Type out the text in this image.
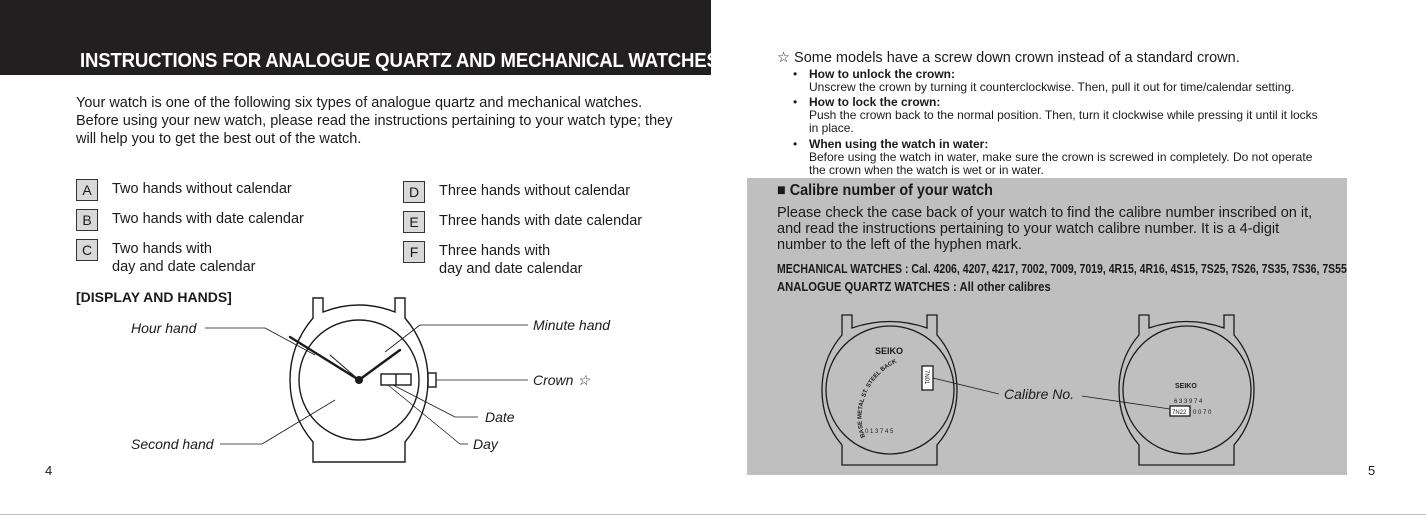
INSTRUCTIONS FOR ANALOGUE QUARTZ AND MECHANICAL WATCHES
Your watch is one of the following six types of analogue quartz and mechanical watches.
Before using your new watch, please read the instructions pertaining to your watch type; they
will help you to get the best out of the watch.
A	Two hands without calendar
B	Two hands with date calendar
C	Two hands with
day and date calendar
D	Three hands without calendar
E	Three hands with date calendar
F	Three hands with
day and date calendar
[DISPLAY AND HANDS]
Hour hand	Minute hand
Crown ☆
Date
Day
Second hand
4
☆ Some models have a screw down crown instead of a standard crown.
• How to unlock the crown:
Unscrew the crown by turning it counterclockwise. Then, pull it out for time/calendar setting.
• How to lock the crown:
Push the crown back to the normal position. Then, turn it clockwise while pressing it until it locks in place.
• When using the watch in water:
Before using the watch in water, make sure the crown is screwed in completely. Do not operate the crown when the watch is wet or in water.
■ Calibre number of your watch
Please check the case back of your watch to find the calibre number inscribed on it, and read the instructions pertaining to your watch calibre number. It is a 4-digit number to the left of the hyphen mark.
MECHANICAL WATCHES : Cal. 4206, 4207, 4217, 7002, 7009, 7019, 4R15, 4R16, 4S15, 7S25, 7S26, 7S35, 7S36, 7S55
ANALOGUE QUARTZ WATCHES : All other calibres
SEIKO
BASE METAL ST. STEEL BACK
7N01
0 1 3 7 4 5
SEIKO
6 3 3 9 7 4
7N22 0 0 7 0
Calibre No.
5
